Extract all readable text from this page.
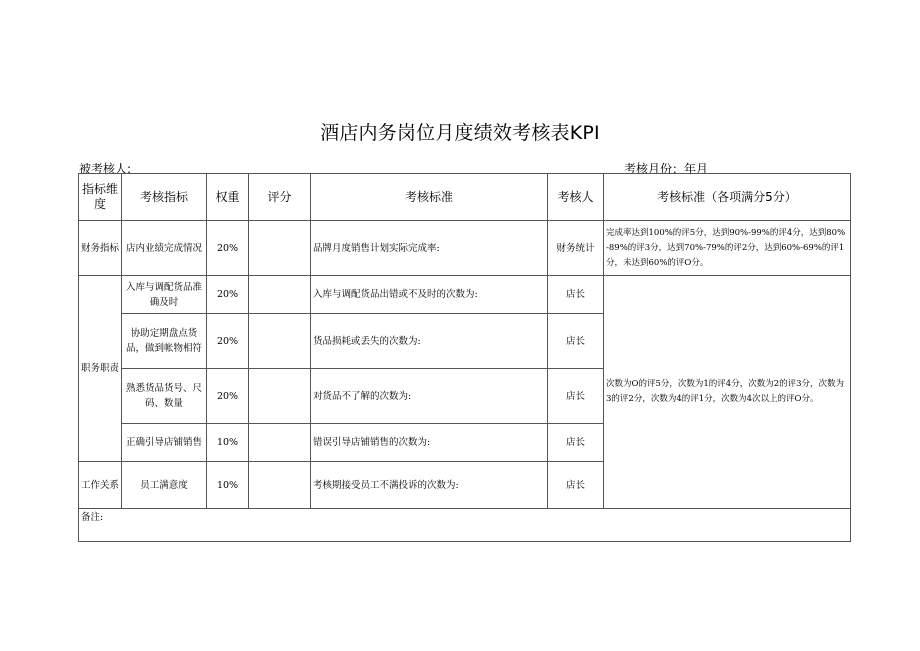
酒店内务岗位月度绩效考核表KPI
被考核人:	考核月份：年月
指标维度	考核指标	权重	评分	考核标准	考核人	考核标准（各项满分5分）
财务指标	店内业绩完成情况	20%		品牌月度销售计划实际完成率:	财务统计	完成率达到100%的评5分，达到90%-99%的评4分，达到80%-89%的评3分，达到70%-79%的评2分，达到60%-69%的评1分，未达到60%的评O分。
职务职责	入库与调配货品准确及时	20%		入库与调配货品出错或不及时的次数为:	店长	次数为O的评5分，次数为1的评4分，次数为2的评3分，次数为3的评2分，次数为4的评1分，次数为4次以上的评O分。
	协助定期盘点货品，做到帐物相符	20%		货品损耗或丢失的次数为:	店长	
	熟悉货品货号、尺码、数量	20%		对货品不了解的次数为:	店长	
	正确引导店铺销售	10%		错误引导店铺销售的次数为:	店长	
工作关系	员工满意度	10%		考核期接受员工不满投诉的次数为:	店长	
备注:						
